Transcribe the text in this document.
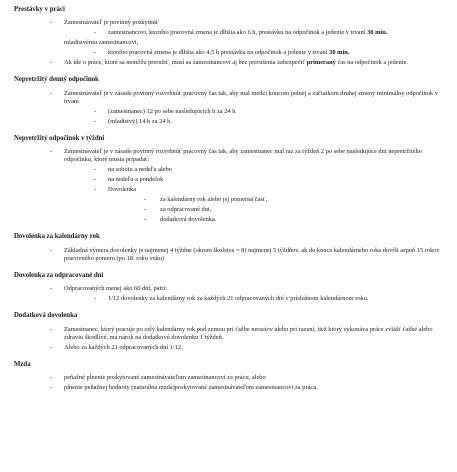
Prestávky v práci
- Zamestnávateľ je povinný poskytnúť
- zamestnancovi, ktorého pracovná zmena je dlhšia ako 6 h, prestávku na odpočinok a jedenie v trvaní 30 min.
mladistvému zamestnancovi,
- ktorého pracovná zmena je dlhšia ako 4,5 h prestávku na odpočinok a jedenie v trvaní 30 min.
- Ak ide o práce, ktoré sa nemôžu prerušiť, musí sa zamestnancovi aj bez prerušenia zabezpečiť primeraný čas na odpočinok a jedenie.
Nepretržitý denný odpočinok
- Zamestnávateľ je v zásade povinný rozvrhnúť pracovný čas tak, aby mal medzi koncom jednej a začiatkom druhej zmeny minimálny odpočinok v trvaní
- (zamestnanec) 12 po sebe nasledujúcich h za 24 h
- (mladistvý) 14 h za 24 h.
Nepretržitý odpočinok v týždni
- Zamestnávateľ je v zásade povinný rozvrhnúť pracovný čas tak, aby zamestnanec mal raz za týždeň 2 po sebe nasledujúce dni nepretržitého odpočinku, ktoré musia pripadať:
- na sobotu a nedeľu alebo
- na nedeľu a pondelok
- Dovolenka
- za kalendárny rok alebo jej pomerná časť,
- za odpracované dni,
- dodatková dovolenka.
Dovolenka za kalendárny rok
- Základná výmera dovolenky je najmenej 4 týždne (okrem školstva = 8) najmenej 5 týždňov, ak do konca kalendárneho roka dovŕši aspoň 15 rokov pracovného pomeru (po 18. roku veku)
Dovolenka za odpracované dni
- Odpracovaných menej ako 60 dní, patrí:
- 1/12 dovolenky za kalendárny rok za každých 21 odpracovaných dní v príslušnom kalendárnom roku.
Dodatková dovolenka
- Zamestnanec, ktorý pracuje po celý kalendárny rok pod zemou pri ťažbe nerastov alebo pri razení, tiež ktorý vykonáva práce zvlášť ťažké alebo zdraviu škodlivé, má nárok na dodatkovú dovolenku 1 týždeň.
- Alebo za každých 21 odpracovaných dní 1/12.
Mzda
- peňažné plnenie poskytované zamestnávateľom zamestnancovi za prácu, alebo
- plnenie peňažnej hodnoty (naturálna mzda)poskytované zamestnávateľom zamestnancovi za prácu.
